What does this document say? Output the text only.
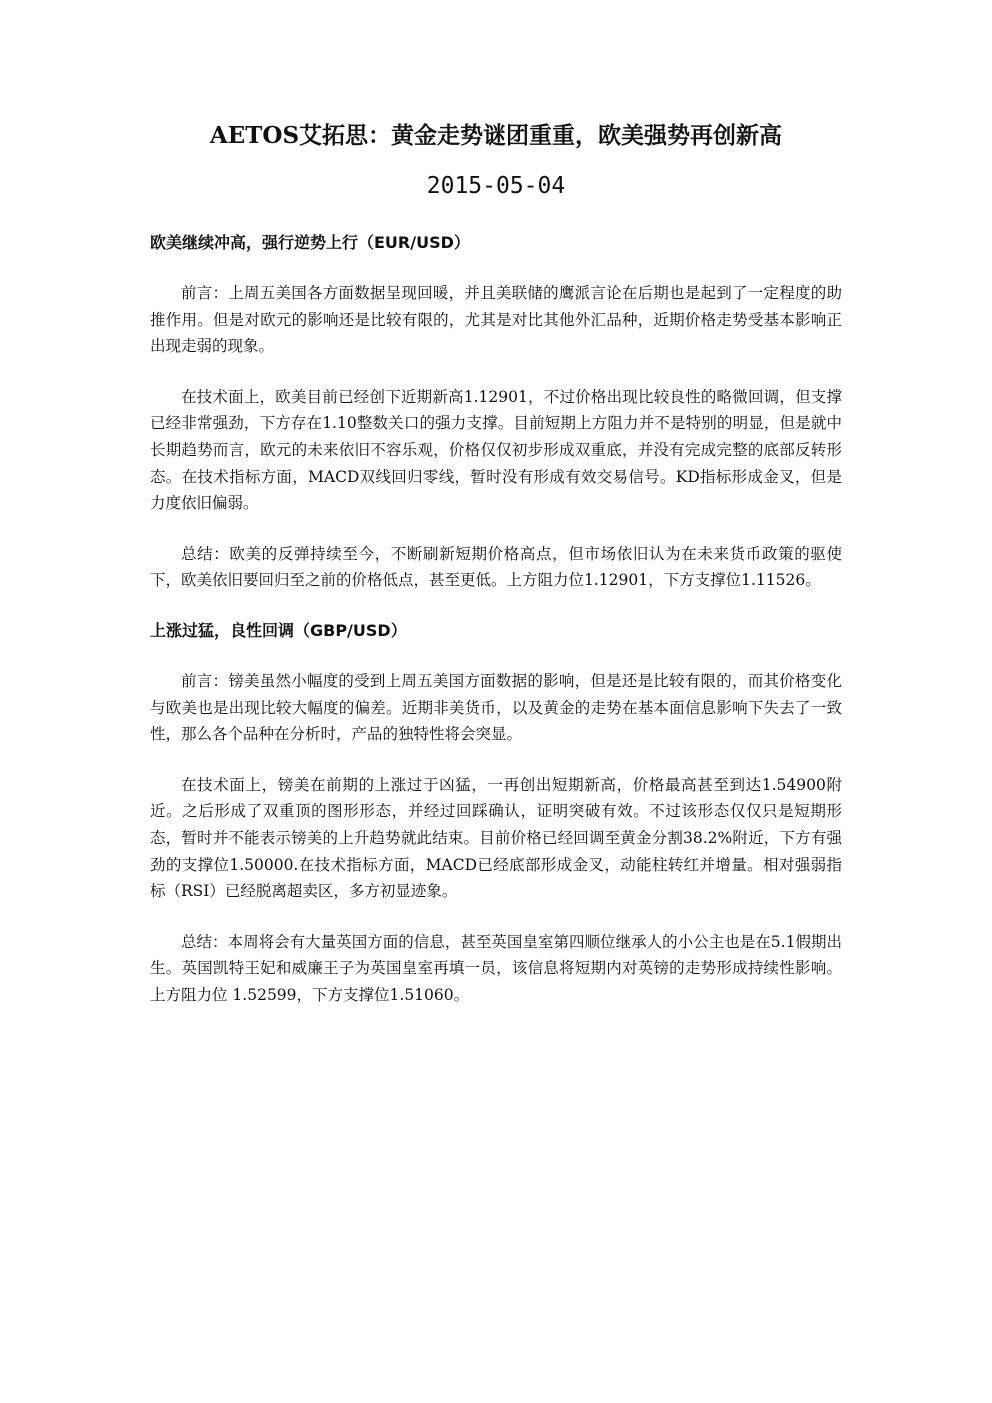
AETOS艾拓思：黄金走势谜团重重，欧美强势再创新高
2015-05-04
欧美继续冲高，强行逆势上行（EUR/USD）

前言：上周五美国各方面数据呈现回暖，并且美联储的鹰派言论在后期也是起到了一定程度的助推作用。但是对欧元的影响还是比较有限的，尤其是对比其他外汇品种，近期价格走势受基本影响正出现走弱的现象。

在技术面上，欧美目前已经创下近期新高1.12901，不过价格出现比较良性的略微回调，但支撑已经非常强劲，下方存在1.10整数关口的强力支撑。目前短期上方阻力并不是特别的明显，但是就中长期趋势而言，欧元的未来依旧不容乐观，价格仅仅初步形成双重底，并没有完成完整的底部反转形态。在技术指标方面，MACD双线回归零线，暂时没有形成有效交易信号。KD指标形成金叉，但是力度依旧偏弱。

总结：欧美的反弹持续至今，不断刷新短期价格高点，但市场依旧认为在未来货币政策的驱使下，欧美依旧要回归至之前的价格低点，甚至更低。上方阻力位1.12901，下方支撑位1.11526。

上涨过猛，良性回调（GBP/USD）

前言：镑美虽然小幅度的受到上周五美国方面数据的影响，但是还是比较有限的，而其价格变化与欧美也是出现比较大幅度的偏差。近期非美货币，以及黄金的走势在基本面信息影响下失去了一致性，那么各个品种在分析时，产品的独特性将会突显。

在技术面上，镑美在前期的上涨过于凶猛，一再创出短期新高，价格最高甚至到达1.54900附近。之后形成了双重顶的图形形态，并经过回踩确认，证明突破有效。不过该形态仅仅只是短期形态，暂时并不能表示镑美的上升趋势就此结束。目前价格已经回调至黄金分割38.2%附近，下方有强劲的支撑位1.50000.在技术指标方面，MACD已经底部形成金叉，动能柱转红并增量。相对强弱指标（RSI）已经脱离超卖区，多方初显迹象。

总结：本周将会有大量英国方面的信息，甚至英国皇室第四顺位继承人的小公主也是在5.1假期出生。英国凯特王妃和威廉王子为英国皇室再填一员，该信息将短期内对英镑的走势形成持续性影响。上方阻力位 1.52599，下方支撑位1.51060。
